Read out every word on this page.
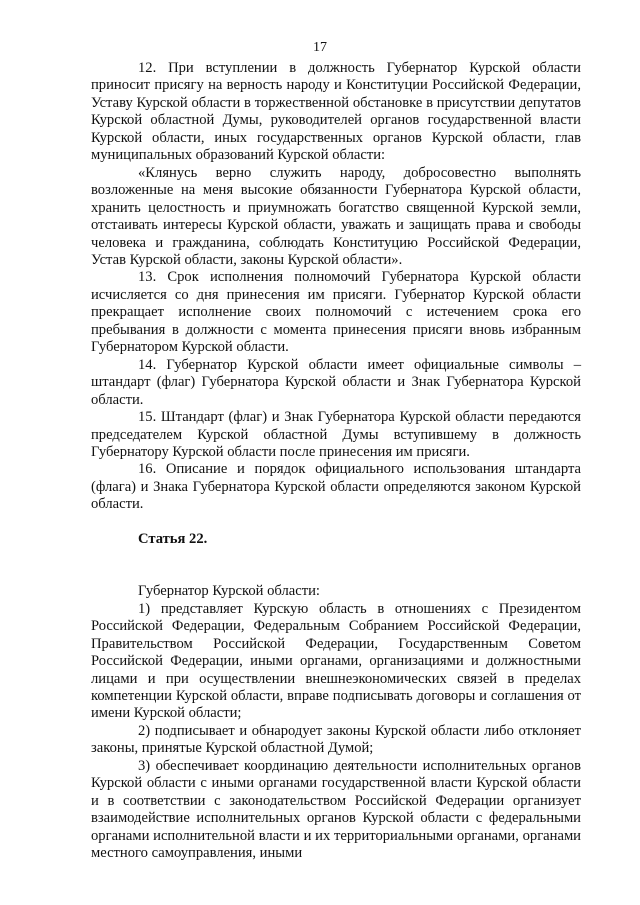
17

12. При вступлении в должность Губернатор Курской области приносит присягу на верность народу и Конституции Российской Федерации, Уставу Курской области в торжественной обстановке в присутствии депутатов Курской областной Думы, руководителей органов государственной власти Курской области, иных государственных органов Курской области, глав муниципальных образований Курской области:

«Клянусь верно служить народу, добросовестно выполнять возложенные на меня высокие обязанности Губернатора Курской области, хранить целостность и приумножать богатство священной Курской земли, отстаивать интересы Курской области, уважать и защищать права и свободы человека и гражданина, соблюдать Конституцию Российской Федерации, Устав Курской области, законы Курской области».

13. Срок исполнения полномочий Губернатора Курской области исчисляется со дня принесения им присяги. Губернатор Курской области прекращает исполнение своих полномочий с истечением срока его пребывания в должности с момента принесения присяги вновь избранным Губернатором Курской области.

14. Губернатор Курской области имеет официальные символы – штандарт (флаг) Губернатора Курской области и Знак Губернатора Курской области.

15. Штандарт (флаг) и Знак Губернатора Курской области передаются председателем Курской областной Думы вступившему в должность Губернатору Курской области после принесения им присяги.

16. Описание и порядок официального использования штандарта (флага) и Знака Губернатора Курской области определяются законом Курской области.

Статья 22.

Губернатор Курской области:

1) представляет Курскую область в отношениях с Президентом Российской Федерации, Федеральным Собранием Российской Федерации, Правительством Российской Федерации, Государственным Советом Российской Федерации, иными органами, организациями и должностными лицами и при осуществлении внешнеэкономических связей в пределах компетенции Курской области, вправе подписывать договоры и соглашения от имени Курской области;

2) подписывает и обнародует законы Курской области либо отклоняет законы, принятые Курской областной Думой;

3) обеспечивает координацию деятельности исполнительных органов Курской области с иными органами государственной власти Курской области и в соответствии с законодательством Российской Федерации организует взаимодействие исполнительных органов Курской области с федеральными органами исполнительной власти и их территориальными органами, органами местного самоуправления, иными
